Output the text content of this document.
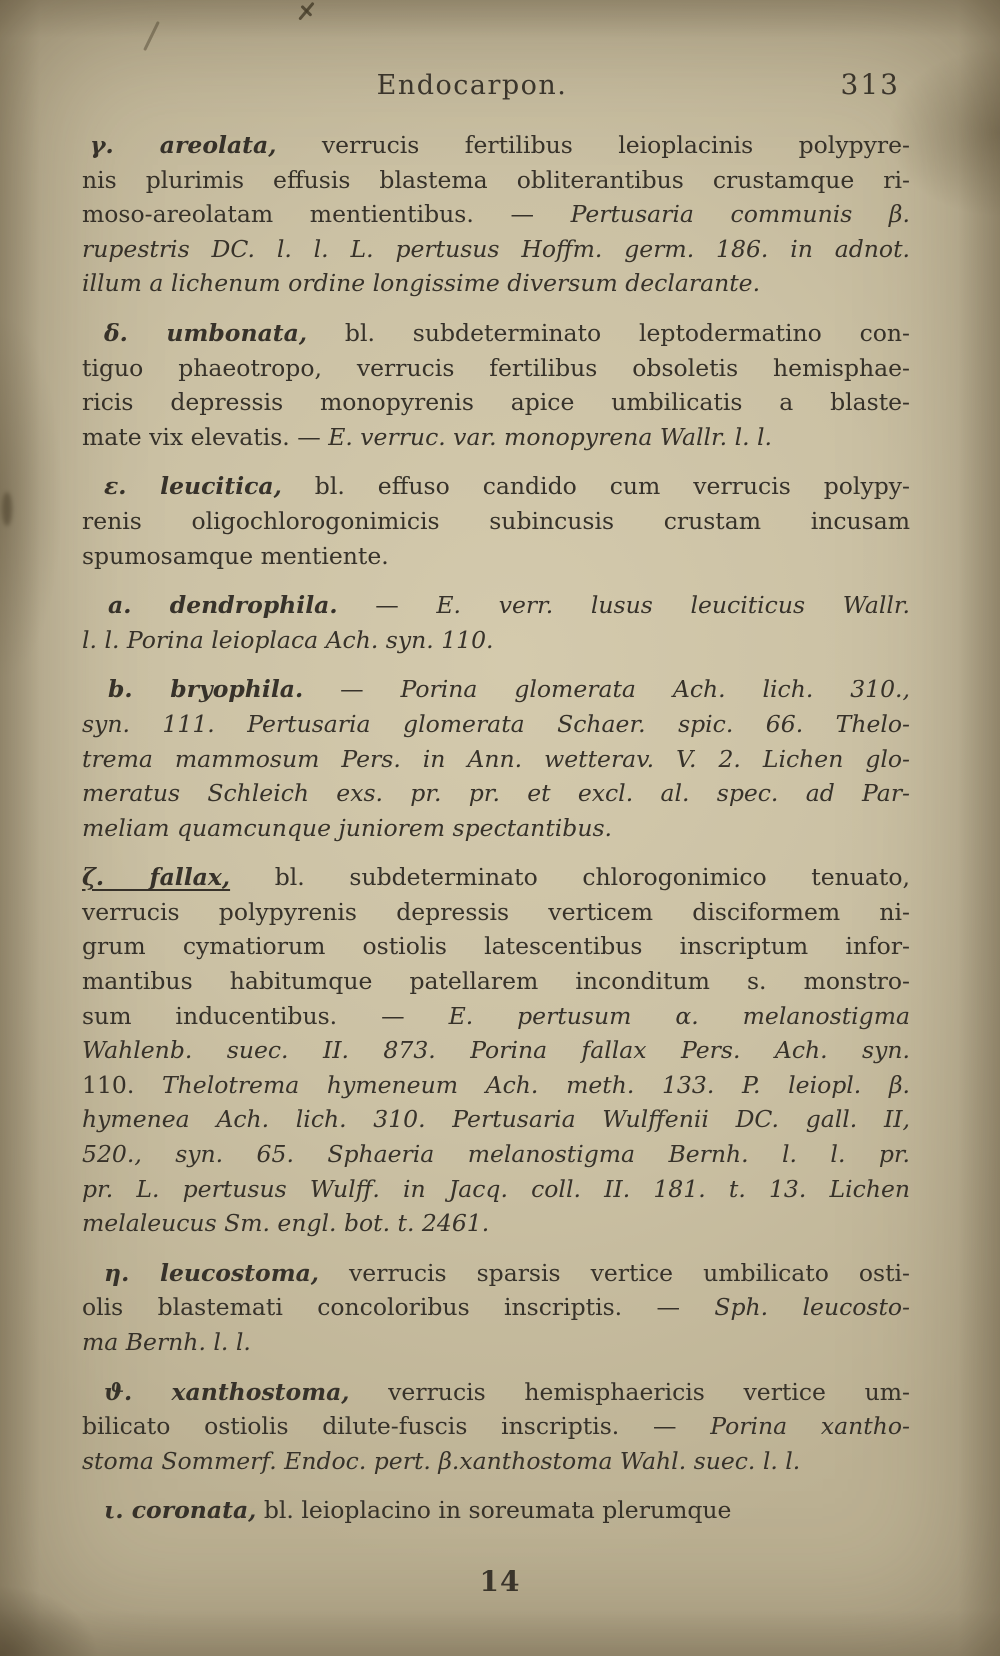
Endocarpon.	313

γ. areolata, verrucis fertilibus leioplacinis polypyre-
nis plurimis effusis blastema obliterantibus crustamque ri-
moso-areolatam mentientibus. — Pertusaria communis β.
rupestris DC. l. l. L. pertusus Hoffm. germ. 186. in adnot.
illum a lichenum ordine longissime diversum declarante.

δ. umbonata, bl. subdeterminato leptodermatino con-
tiguo phaeotropo, verrucis fertilibus obsoletis hemisphae-
ricis depressis monopyrenis apice umbilicatis a blaste-
mate vix elevatis. — E. verruc. var. monopyrena Wallr. l. l.

ε. leucitica, bl. effuso candido cum verrucis polypy-
renis oligochlorogonimicis subincusis crustam incusam
spumosamque mentiente.

a. dendrophila. — E. verr. lusus leuciticus Wallr.
l. l. Porina leioplaca Ach. syn. 110.

b. bryophila. — Porina glomerata Ach. lich. 310.,
syn. 111. Pertusaria glomerata Schaer. spic. 66. Thelo-
trema mammosum Pers. in Ann. wetterav. V. 2. Lichen glo-
meratus Schleich exs. pr. pr. et excl. al. spec. ad Par-
meliam quamcunque juniorem spectantibus.

ζ. fallax, bl. subdeterminato chlorogonimico tenuato,
verrucis polypyrenis depressis verticem disciformem ni-
grum cymatiorum ostiolis latescentibus inscriptum infor-
mantibus habitumque patellarem inconditum s. monstro-
sum inducentibus. — E. pertusum α. melanostigma
Wahlenb. suec. II. 873. Porina fallax Pers. Ach. syn.
110. Thelotrema hymeneum Ach. meth. 133. P. leiopl. β.
hymenea Ach. lich. 310. Pertusaria Wulffenii DC. gall. II,
520., syn. 65. Sphaeria melanostigma Bernh. l. l. pr.
pr. L. pertusus Wulff. in Jacq. coll. II. 181. t. 13. Lichen
melaleucus Sm. engl. bot. t. 2461.

η. leucostoma, verrucis sparsis vertice umbilicato osti-
olis blastemati concoloribus inscriptis. — Sph. leucosto-
ma Bernh. l. l.

ϑ. xanthostoma, verrucis hemisphaericis vertice um-
bilicato ostiolis dilute-fuscis inscriptis. — Porina xantho-
stoma Sommerf. Endoc. pert. β.xanthostoma Wahl. suec. l. l.

ι. coronata, bl. leioplacino in soreumata plerumque

14
